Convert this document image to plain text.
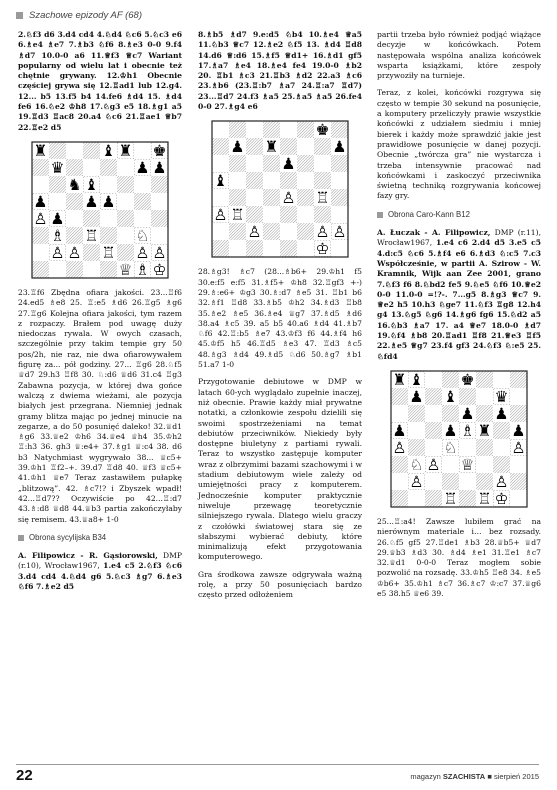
Szachowe epizody AF (68)
2.♘f3 d6 3.d4 cd4 4.♘d4 ♘c6 5.♘c3 e6 6.♗e4 ♗e7 7.♗b3 ♘f6 8.♗e3 0-0 9.f4 ♗d7 10.0-0 a6 11.♕f3 ♕c7 Wariant popularny od wielu lat i obecnie też chętnie grywany. 12.♔h1 Obecnie częściej grywa się 12.♖ad1 lub 12.g4. 12... b5 13.f5 b4 14.fe6 ♗d4 15. ♗d4 fe6 16.♘e2 ♔h8 17.♘g3 e5 18.♗g1 a5 19.♖d3 ♖ac8 20.a4 ♘c6 21.♖ae1 ♕b7 22.♖e2 d5
♜	♝ ♜ ♚
♛	♟ ♟
♞ ♝
♟ ♟ ♟
♟
♙
♗ ♖ ♘
♙ ♙ ♖ ♙ ♙
♕ ♗ ♔
23.♖f6 Zbędna ofiara jakości. 23...♖f6 24.ed5 ♗e8 25. ♖:e5 ♗d6 26.♖g5 ♗g6 27.♖g6 Kolejna ofiara jakości, tym razem z rozpaczy. Brałem pod uwagę duży niedoczas rywala. W owych czasach, szczególnie przy takim tempie gry 50 pos/2h, nie raz, nie dwa ofiarowywałem figurę za... pół godziny. 27... ♖g6 28.♘f5 ♕d7 29.h3 ♖f8 30. ♘:d6 ♕d6 31.c4 ♖g3 Zabawna pozycja, w której dwa gońce walczą z dwiema wieżami, ale pozycja białych jest przegrana. Niemniej jednak gramy blitza mając po jednej minucie na zegarze, a do 50 posunięć daleko! 32.♕d1 ♗g6 33.♕e2 ♔h6 34.♕e4 ♕h4 35.♔h2 ♖:h3 36. gh3 ♕:e4+ 37.♗g1 ♕:c4 38. d6 b3 Natychmiast wygrywało 38... ♕c5+ 39.♔h1 ♖f2–+. 39.d7 ♖d8 40. ♕f3 ♕c5+ 41.♔h1 ♕e7 Teraz zastawiłem pułapkę „blitzową”. 42. ♗c7!? i Zbyszek wpadł! 42...♖d7?? Oczywiście po 42...♖:d7 43.♗:d8 ♕d8 44.♕b3 partia zakończyłaby się remisem. 43.♕a8+ 1-0
Obrona sycylijska B34
A. Filipowicz - R. Gąsiorowski, DMP (r.10), Wrocław1967, 1.e4 c5 2.♘f3 ♘c6 3.d4 cd4 4.♘d4 g6 5.♘c3 ♗g7 6.♗e3 ♘f6 7.♗e2 d5
8.♗b5 ♗d7 9.e:d5 ♘b4 10.♗e4 ♕a5 11.♘b3 ♕c7 12.♗e2 ♘f5 13. ♗d4 ♖d8 14.d6 ♕:d6 15.♗f5 ♕d1+ 16.♗d1 gf5 17.♗a7 ♗e4 18.♗e4 fe4 19.0-0 ♗b2 20. ♖b1 ♗c3 21.♖b3 ♗d2 22.a3 ♗c6 23.♗b6 (23.♖:b7 ♗a7 24.♖:a7 ♖d7) 23...♖d7 24.f3 ♗a5 25.♗a5 ♗a5 26.fe4 0-0 27.♗g4 e6
♚
♟ ♜	♟
♟
♝
♙ ♖
♙ ♖
♙	♙ ♙
♔
28.♗g3! ♗c7 (28...♗b6+ 29.♔h1 f5 30.e:f5 e:f5 31.♗f5+ ♔h8 32.♖gf3 +-) 29.♗:e6+ ♔g3 30.♗:d7 ♗e5 31. ♖b1 b6 32.♗f1 ♖d8 33.♗b5 ♔h2 34.♗d3 ♖b8 35.♗e2 ♗e5 36.♗e4 ♕g7 37.♗d5 ♗d6 38.a4 ♗c5 39. a5 b5 40.a6 ♗d4 41.♗b7 ♘f6 42.♖:b5 ♗e7 43.♔f3 f6 44.♗f4 h6 45.♔f5 h5 46.♖d5 ♗e3 47. ♖d3 ♗c5 48.♗g3 ♗d4 49.♗d5 ♘d6 50.♗g7 ♗b1 51.a7 1-0
Przygotowanie debiutowe w DMP w latach 60-ych wyglądało zupełnie inaczej, niż obecnie. Prawie każdy miał prywatne notatki, a członkowie zespołu dzielili się swoimi spostrzeżeniami na temat debiutów przeciwników. Niekiedy były dostępne biuletyny z partiami rywali. Teraz to wszystko zastępuje komputer wraz z olbrzymimi bazami szachowymi i w stadium debiutowym wiele zależy od umiejętności pracy z komputerem. Jednocześnie komputer praktycznie niweluje przewagę teoretycznie silniejszego rywala. Dlatego wielu graczy z czołówki światowej stara się ze słabszymi wybierać debiuty, które minimalizują efekt przygotowania komputerowego.
Gra środkowa zawsze odgrywała ważną rolę, a przy 50 posunięciach bardzo często przed odłożeniem
partii trzeba było również podjąć wiążące decyzje w końcówkach. Potem następowała wspólna analiza końcówek wsparta książkami, które zespoły przywoziły na turnieje.
Teraz, z kolei, końcówki rozgrywa się często w tempie 30 sekund na posunięcie, a komputery przeliczyły prawie wszystkie końcówki z udziałem siedmiu i mniej bierek i każdy może sprawdzić jakie jest prawidłowe posunięcie w danej pozycji. Obecnie „twórcza gra” nie wystarcza i trzeba intensywnie pracować nad końcówkami i zaskoczyć przeciwnika świetną techniką rozgrywania końcowej fazy gry.
Obrona Caro-Kann B12
A. Łuczak - A. Filipowicz, DMP (r.11), Wrocław1967, 1.e4 c6 2.d4 d5 3.e5 c5 4.d:c5 ♘c6 5.♗f4 e6 6.♗d3 ♘:c5 7.c3 Współcześnie, w partii A. Szirow - W. Kramnik, Wijk aan Zee 2001, grano 7.♘f3 f6 8.♘bd2 fe5 9.♘e5 ♘f6 10.♕e2 0-0 11.0-0 =!?-. 7...g5 8.♗g3 ♕c7 9. ♕e2 h5 10.h3 ♘ge7 11.♘f3 ♖g8 12.h4 g4 13.♘g5 ♘g6 14.♗g6 fg6 15.♘d2 a5 16.♘b3 ♗a7 17. a4 ♕e7 18.0-0 ♗d7 19.♘f4 ♗b8 20.♖ad1 ♖f8 21.♕e3 ♖f5 22.♗e5 ♕g7 23.f4 gf3 24.♘f3 ♘:e5 25. ♘fd4
♜ ♝ ♚
♟ ♝ ♛
♟ ♟
♟ ♟ ♗ ♜ ♟
♙ ♘	♙
♘ ♙ ♕
♙	♙
♖ ♖ ♔
25...♖:a4! Zawsze lubiłem grać na nierównym materiale i… bez rozsady. 26.♘f5 gf5 27.♖de1 ♗b3 28.♕b5+ ♕d7 29.♕b3 ♗d3 30. ♗d4 ♗e1 31.♖e1 ♗c7 32.♕d1 0-0-0 Teraz mogłem sobie pozwolić na rozsadę. 33.♔h5 ♖e8 34. ♗e5 ♔b6+ 35.♔h1 ♗c7 36.♗c7 ♔:c7 37.♕g6 e5 38.h5 ♕e6 39.
22	magazyn SZACHISTA ■ sierpień 2015
